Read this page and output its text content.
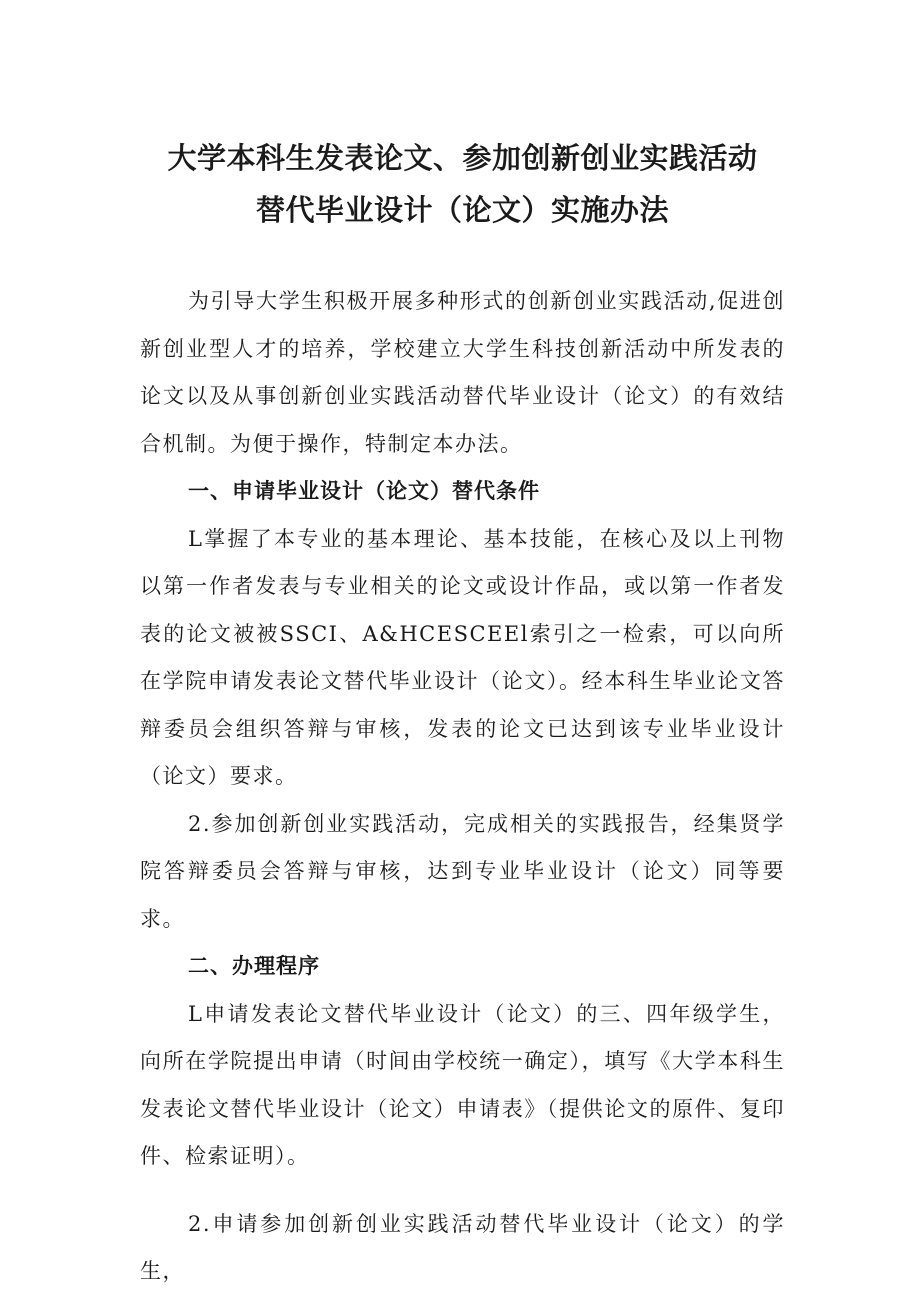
大学本科生发表论文、参加创新创业实践活动
替代毕业设计（论文）实施办法

为引导大学生积极开展多种形式的创新创业实践活动,促进创新创业型人才的培养，学校建立大学生科技创新活动中所发表的论文以及从事创新创业实践活动替代毕业设计（论文）的有效结合机制。为便于操作，特制定本办法。

一、申请毕业设计（论文）替代条件

L掌握了本专业的基本理论、基本技能，在核心及以上刊物以第一作者发表与专业相关的论文或设计作品，或以第一作者发表的论文被被SSCI、A&HCESCEEl索引之一检索，可以向所在学院申请发表论文替代毕业设计（论文）。经本科生毕业论文答辩委员会组织答辩与审核，发表的论文已达到该专业毕业设计（论文）要求。

2.参加创新创业实践活动，完成相关的实践报告，经集贤学院答辩委员会答辩与审核，达到专业毕业设计（论文）同等要求。

二、办理程序

L申请发表论文替代毕业设计（论文）的三、四年级学生，向所在学院提出申请（时间由学校统一确定），填写《大学本科生发表论文替代毕业设计（论文）申请表》（提供论文的原件、复印件、检索证明）。

2.申请参加创新创业实践活动替代毕业设计（论文）的学生，
